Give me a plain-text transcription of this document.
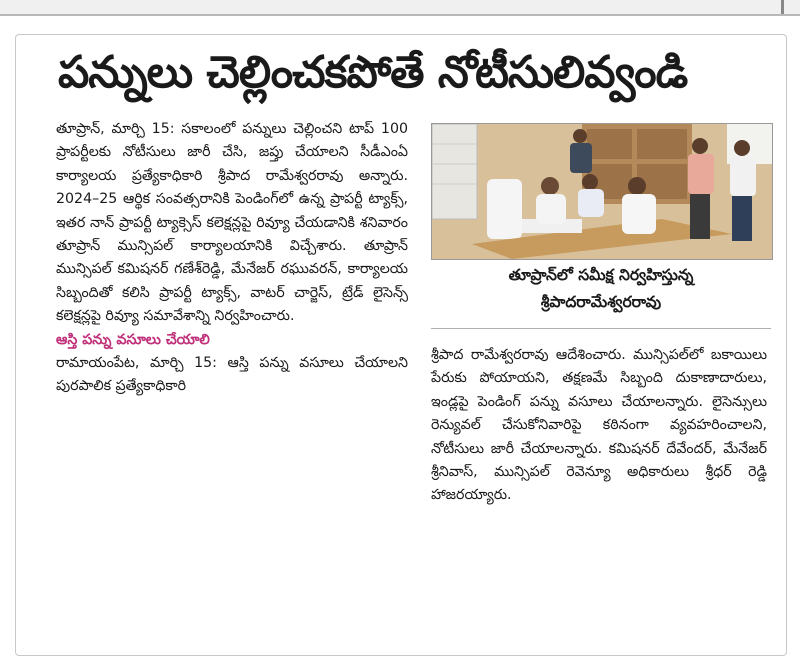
పన్నులు చెల్లించకపోతే నోటీసులివ్వండి

తూప్రాన్, మార్చి 15: సకాలంలో పన్నులు చెల్లించని టాప్ 100 ప్రాపర్టీలకు నోటీసులు జారీ చేసి, జప్తు చేయాలని సీడీఎంఏ కార్యాలయ ప్రత్యేకాధికారి శ్రీపాద రామేశ్వరరావు అన్నారు. 2024–25 ఆర్థిక సంవత్సరానికి పెండింగ్‌లో ఉన్న ప్రాపర్టీ ట్యాక్స్, ఇతర నాన్ ప్రాపర్టీ ట్యాక్సెస్ కలెక్షన్లపై రివ్యూ చేయడానికి శనివారం తూప్రాన్ మున్సిపల్ కార్యాలయానికి విచ్చేశారు. తూప్రాన్ మున్సిపల్ కమిషనర్ గణేశ్‌రెడ్డి, మేనేజర్ రఘువరన్, కార్యాలయ సిబ్బందితో కలిసి ప్రాపర్టీ ట్యాక్స్, వాటర్ చార్జెస్, ట్రేడ్ లైసెన్స్ కలెక్షన్లపై రివ్యూ సమావేశాన్ని నిర్వహించారు.

ఆస్తి పన్ను వసూలు చేయాలి

రామాయంపేట, మార్చి 15: ఆస్తి పన్ను వసూలు చేయాలని పురపాలిక ప్రత్యేకాధికారి

తూప్రాన్‌లో సమీక్ష నిర్వహిస్తున్న
శ్రీపాదరామేశ్వరరావు

శ్రీపాద రామేశ్వరరావు ఆదేశించారు. మున్సిపల్‌లో బకాయిలు పేరుకు పోయాయని, తక్షణమే సిబ్బంది దుకాణాదారులు, ఇండ్లపై పెండింగ్ పన్ను వసూలు చేయాలన్నారు. లైసెన్సులు రెన్యువల్ చేసుకోనివారిపై కఠినంగా వ్యవహరించాలని, నోటీసులు జారీ చేయాలన్నారు. కమిషనర్ దేవేందర్, మేనేజర్ శ్రీనివాస్, మున్సిపల్ రెవెన్యూ అధికారులు శ్రీధర్ రెడ్డి హాజరయ్యారు.
